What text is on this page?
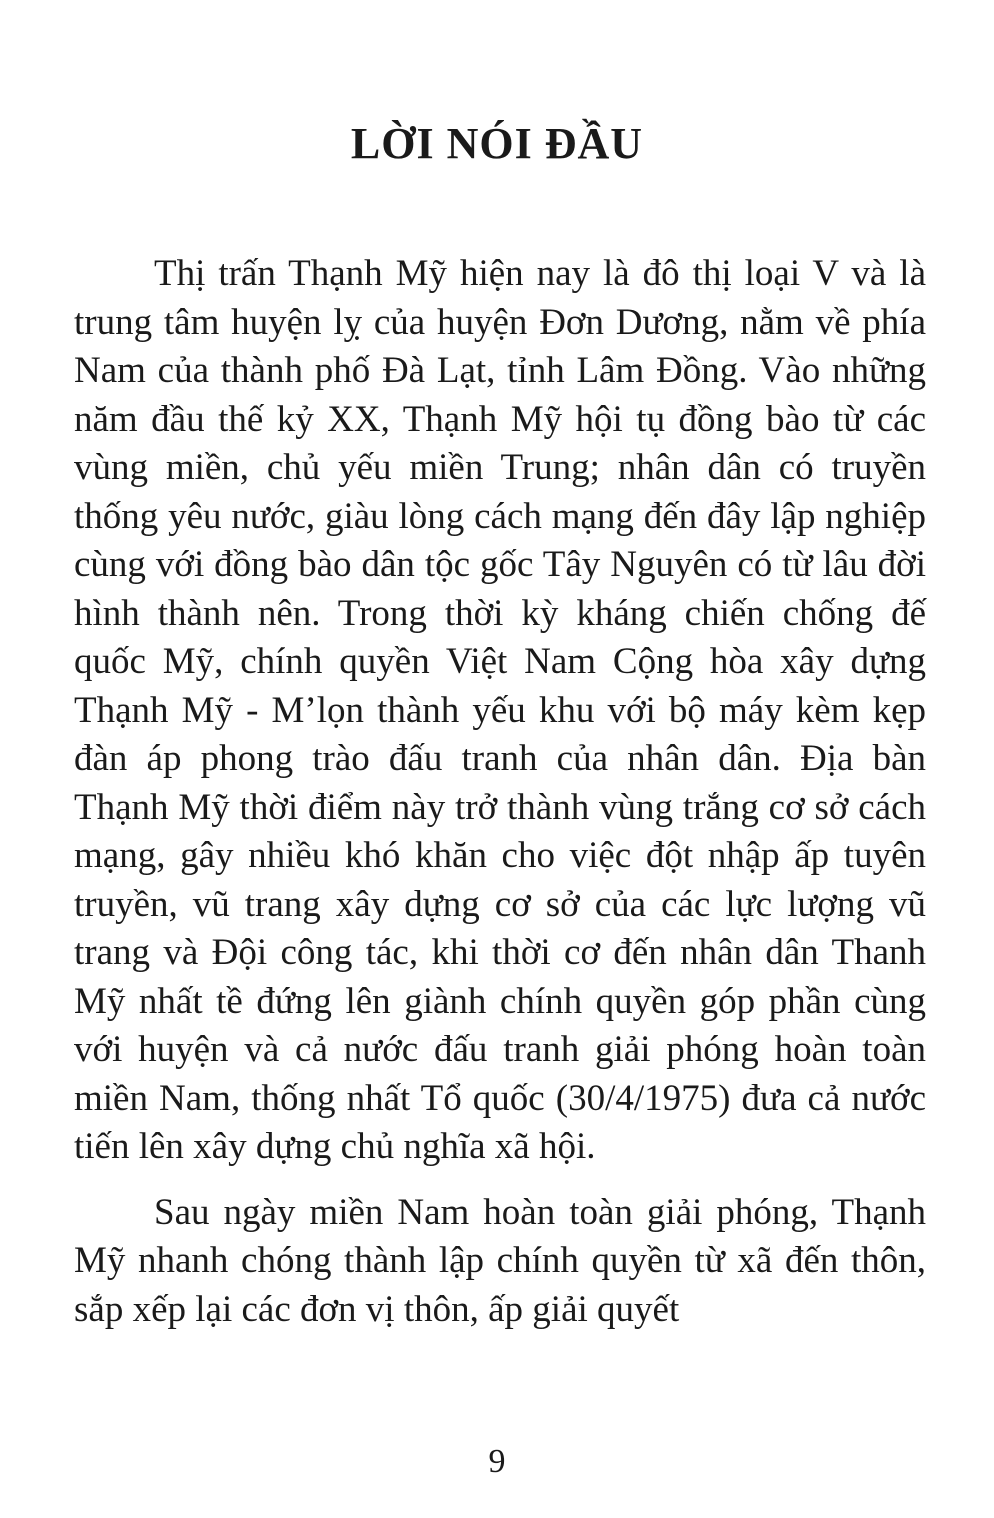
LỜI NÓI ĐẦU

Thị trấn Thạnh Mỹ hiện nay là đô thị loại V và là trung tâm huyện lỵ của huyện Đơn Dương, nằm về phía Nam của thành phố Đà Lạt, tỉnh Lâm Đồng. Vào những năm đầu thế kỷ XX, Thạnh Mỹ hội tụ đồng bào từ các vùng miền, chủ yếu miền Trung; nhân dân có truyền thống yêu nước, giàu lòng cách mạng đến đây lập nghiệp cùng với đồng bào dân tộc gốc Tây Nguyên có từ lâu đời hình thành nên. Trong thời kỳ kháng chiến chống đế quốc Mỹ, chính quyền Việt Nam Cộng hòa xây dựng Thạnh Mỹ - M’lọn thành yếu khu với bộ máy kèm kẹp đàn áp phong trào đấu tranh của nhân dân. Địa bàn Thạnh Mỹ thời điểm này trở thành vùng trắng cơ sở cách mạng, gây nhiều khó khăn cho việc đột nhập ấp tuyên truyền, vũ trang xây dựng cơ sở của các lực lượng vũ trang và Đội công tác, khi thời cơ đến nhân dân Thanh Mỹ nhất tề đứng lên giành chính quyền góp phần cùng với huyện và cả nước đấu tranh giải phóng hoàn toàn miền Nam, thống nhất Tổ quốc (30/4/1975) đưa cả nước tiến lên xây dựng chủ nghĩa xã hội.

Sau ngày miền Nam hoàn toàn giải phóng, Thạnh Mỹ nhanh chóng thành lập chính quyền từ xã đến thôn, sắp xếp lại các đơn vị thôn, ấp giải quyết

9
